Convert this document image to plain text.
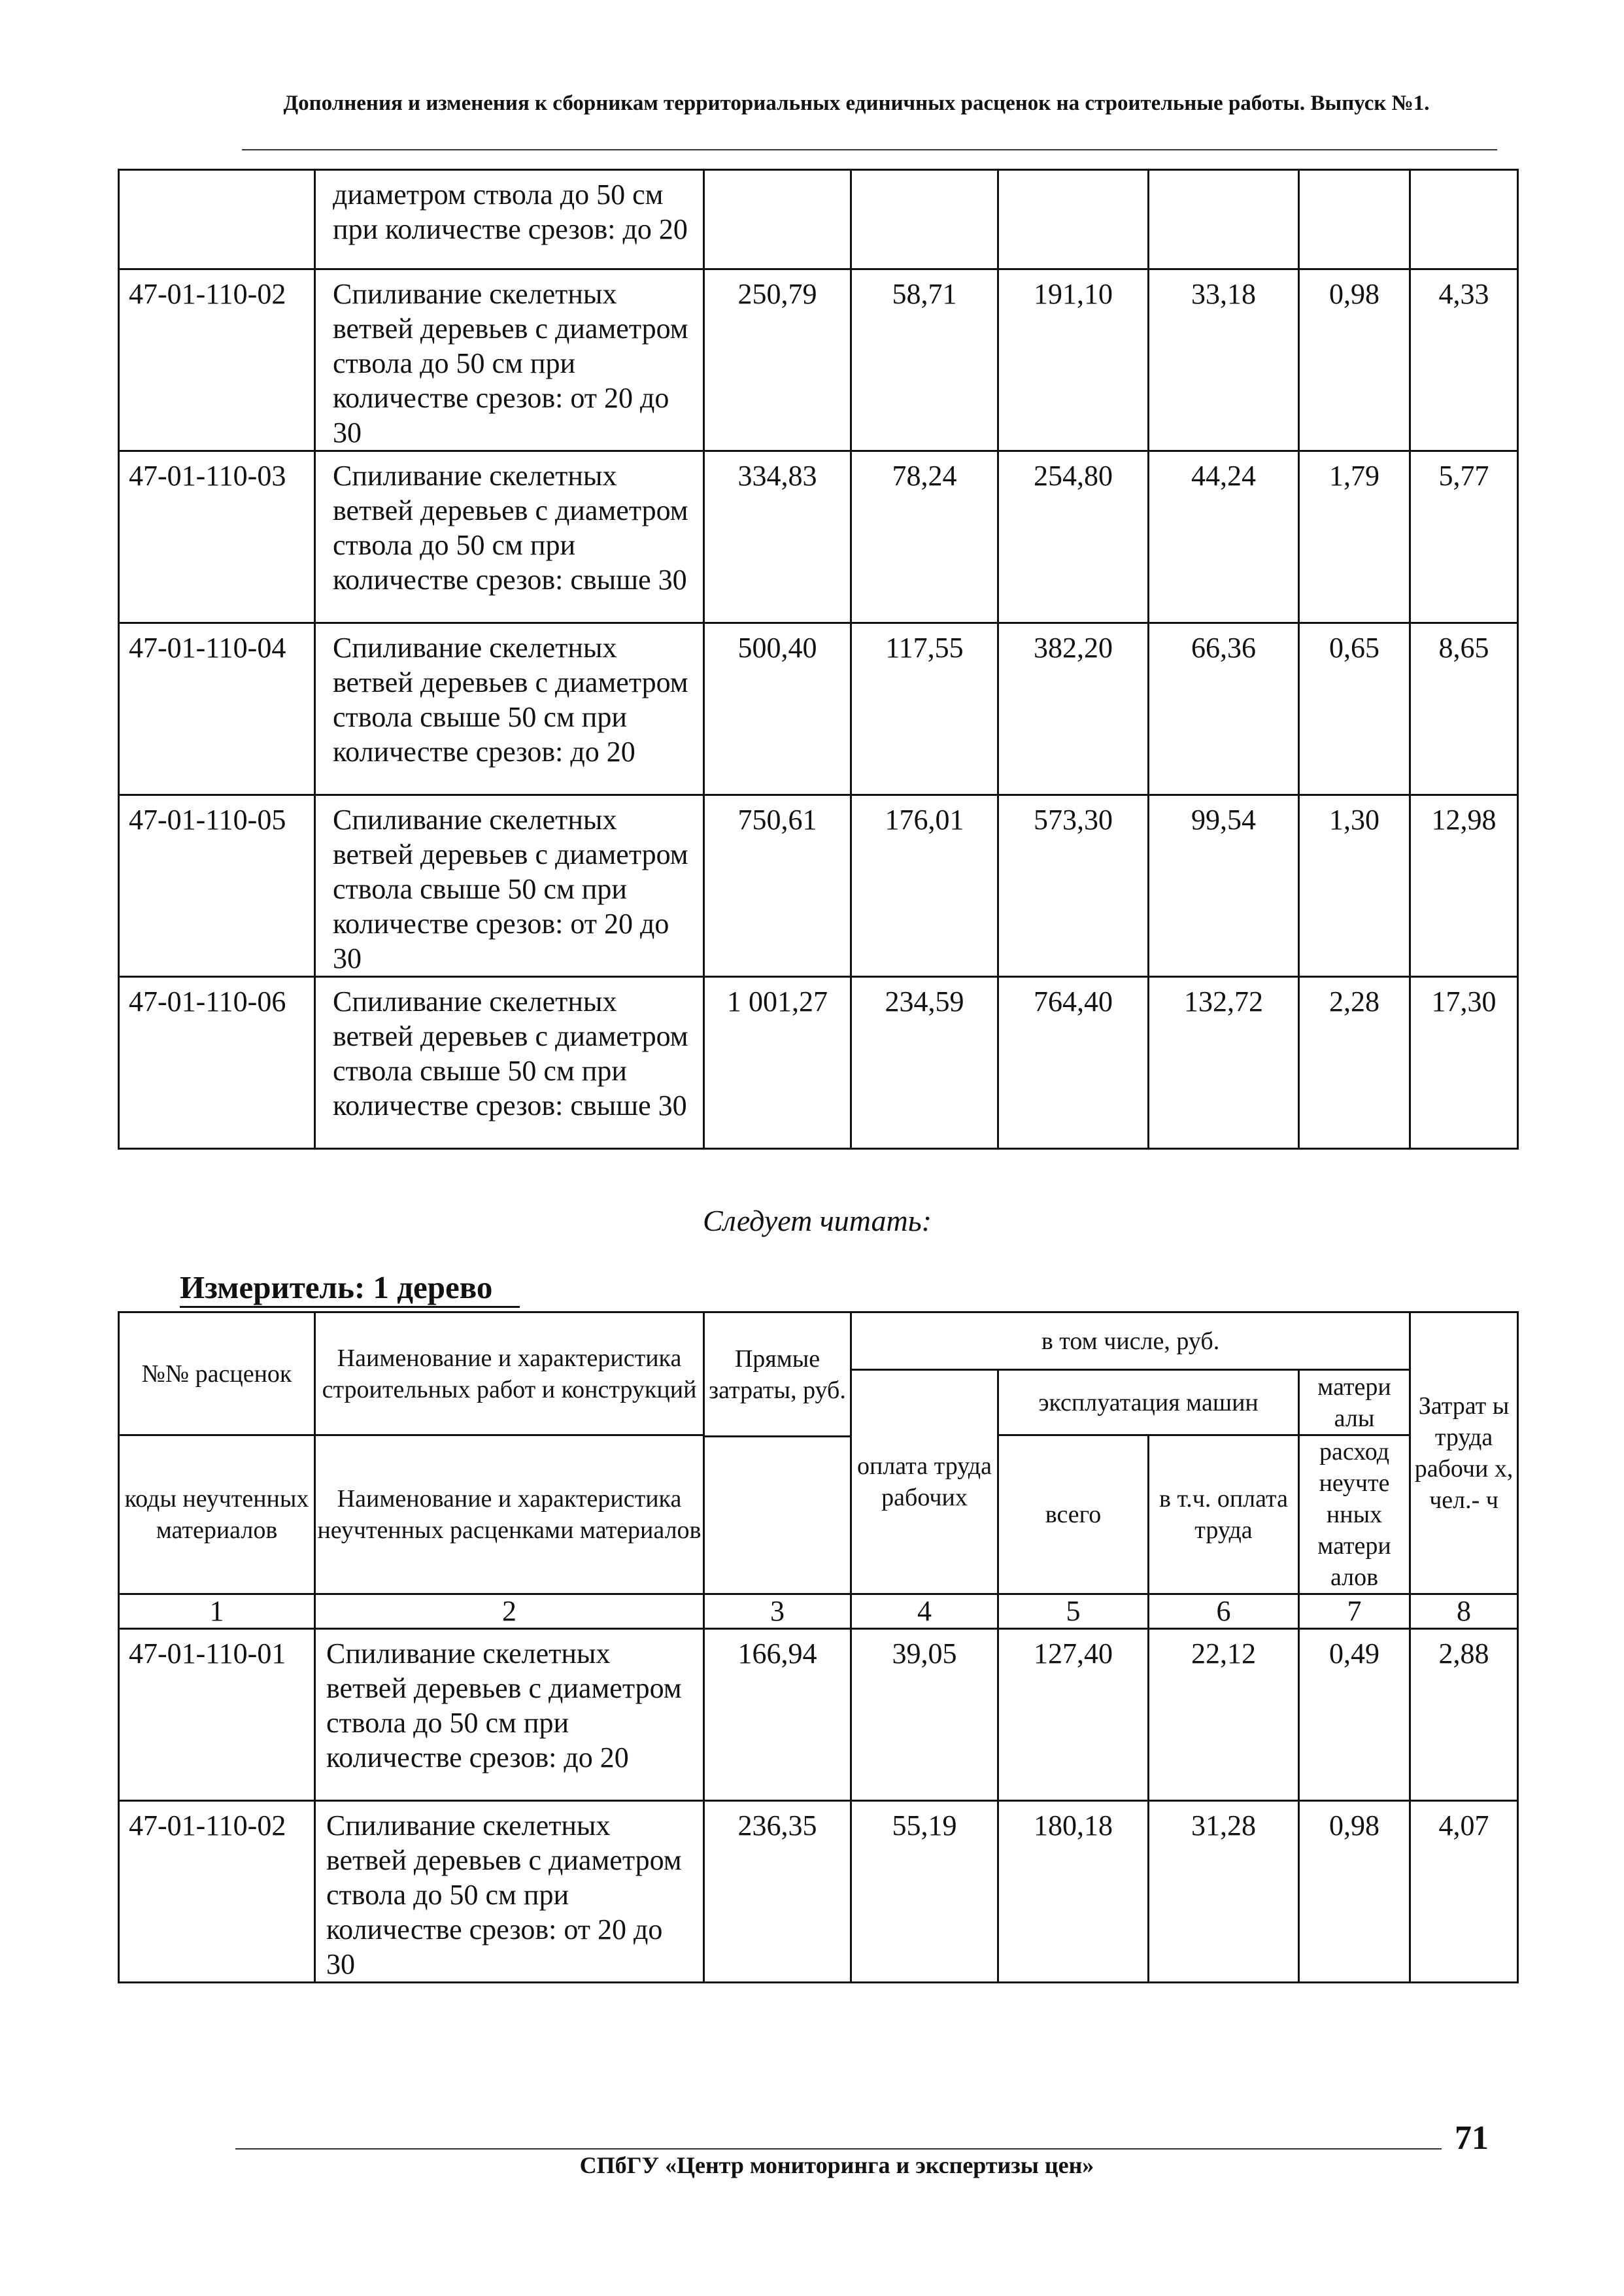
Дополнения и изменения к сборникам территориальных единичных расценок на строительные работы. Выпуск №1.
	диаметром ствола до 50 см при количестве срезов: до 20						
47-01-110-02	Спиливание скелетных ветвей деревьев с диаметром ствола до 50 см при количестве срезов: от 20 до 30	250,79	58,71	191,10	33,18	0,98	4,33
47-01-110-03	Спиливание скелетных ветвей деревьев с диаметром ствола до 50 см при количестве срезов: свыше 30	334,83	78,24	254,80	44,24	1,79	5,77
47-01-110-04	Спиливание скелетных ветвей деревьев с диаметром ствола свыше 50 см при количестве срезов: до 20	500,40	117,55	382,20	66,36	0,65	8,65
47-01-110-05	Спиливание скелетных ветвей деревьев с диаметром ствола свыше 50 см при количестве срезов: от 20 до 30	750,61	176,01	573,30	99,54	1,30	12,98
47-01-110-06	Спиливание скелетных ветвей деревьев с диаметром ствола свыше 50 см при количестве срезов: свыше 30	1 001,27	234,59	764,40	132,72	2,28	17,30
Следует читать:
Измеритель: 1 дерево
№№ расценок	Наименование и характеристика строительных работ и конструкций	Прямые затраты, руб.	в том числе, руб.				Затрат ы труда рабочи х, чел.- ч
			оплата труда рабочих	эксплуатация машин		матери алы	
коды неучтенных материалов	Наименование и характеристика неучтенных расценками материалов			всего	в т.ч. оплата труда	расход неучте нных матери алов	

1	2	3	4	5	6	7	8
47-01-110-01	Спиливание скелетных ветвей деревьев с диаметром ствола до 50 см при количестве срезов: до 20	166,94	39,05	127,40	22,12	0,49	2,88
47-01-110-02	Спиливание скелетных ветвей деревьев с диаметром ствола до 50 см при количестве срезов: от 20 до 30	236,35	55,19	180,18	31,28	0,98	4,07
71
СПбГУ «Центр мониторинга и экспертизы цен»
